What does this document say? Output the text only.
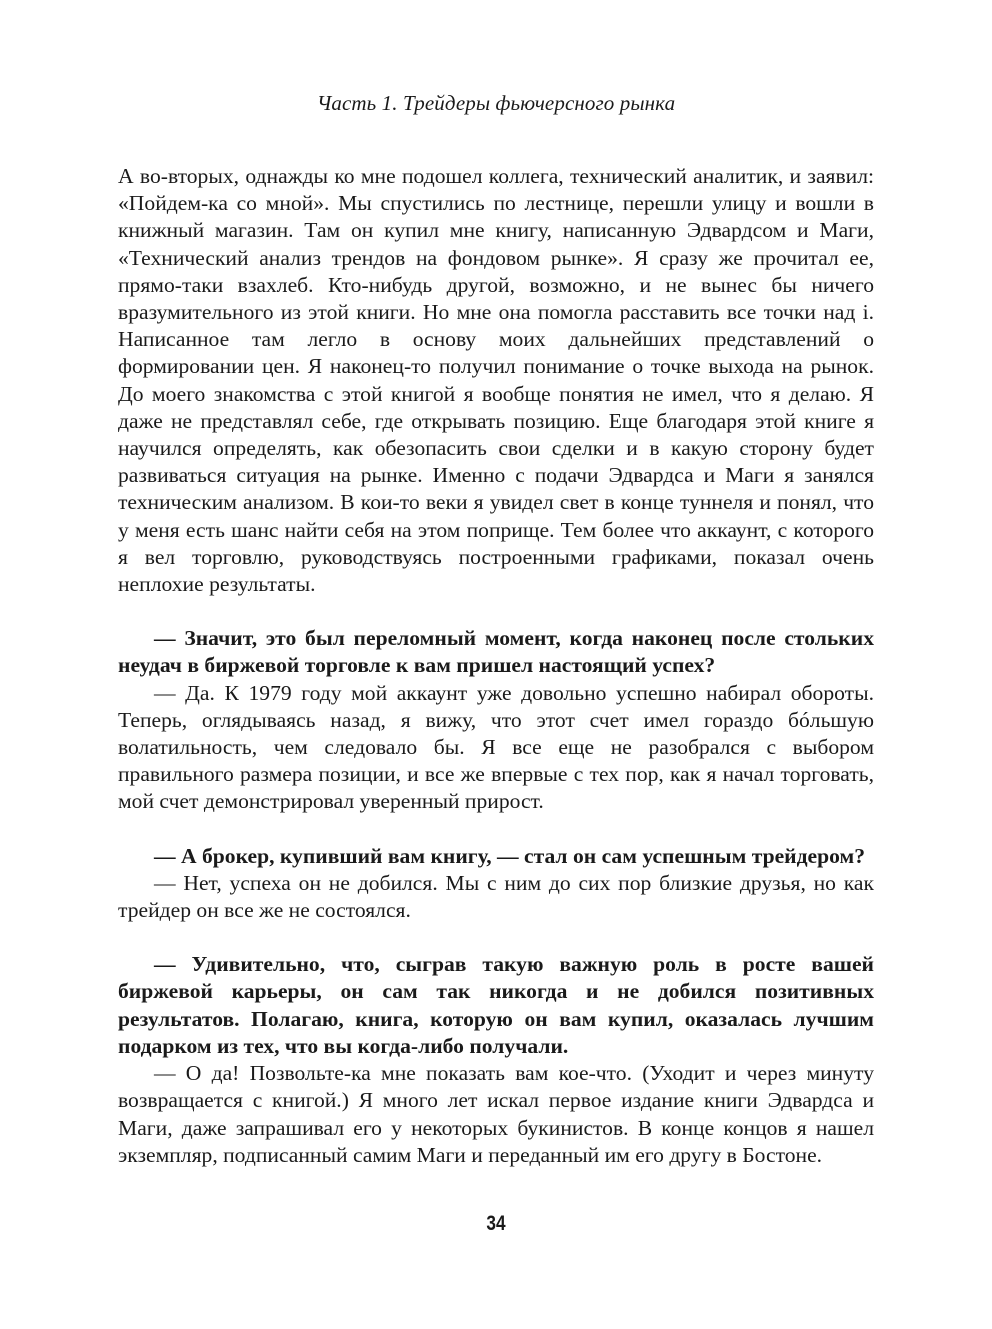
Часть 1. Трейдеры фьючерсного рынка

А во-вторых, однажды ко мне подошел коллега, технический аналитик, и заявил: «Пойдем-ка со мной». Мы спустились по лестнице, перешли улицу и вошли в книжный магазин. Там он купил мне книгу, написанную Эдвардсом и Маги, «Технический анализ трендов на фондовом рынке». Я сразу же прочитал ее, прямо-таки взахлеб. Кто-нибудь другой, возможно, и не вынес бы ничего вразумительного из этой книги. Но мне она помогла расставить все точки над i. Написанное там легло в основу моих дальнейших представлений о формировании цен. Я наконец-то получил понимание о точке выхода на рынок. До моего знакомства с этой книгой я вообще понятия не имел, что я делаю. Я даже не представлял себе, где открывать позицию. Еще благодаря этой книге я научился определять, как обезопасить свои сделки и в какую сторону будет развиваться ситуация на рынке. Именно с подачи Эдвардса и Маги я занялся техническим анализом. В кои-то веки я увидел свет в конце туннеля и понял, что у меня есть шанс найти себя на этом поприще. Тем более что аккаунт, с которого я вел торговлю, руководствуясь построенными графиками, показал очень неплохие результаты.

— Значит, это был переломный момент, когда наконец после стольких неудач в биржевой торговле к вам пришел настоящий успех?

— Да. К 1979 году мой аккаунт уже довольно успешно набирал обороты. Теперь, оглядываясь назад, я вижу, что этот счет имел гораздо бóльшую волатильность, чем следовало бы. Я все еще не разобрался с выбором правильного размера позиции, и все же впервые с тех пор, как я начал торговать, мой счет демонстрировал уверенный прирост.

— А брокер, купивший вам книгу, — стал он сам успешным трейдером?

— Нет, успеха он не добился. Мы с ним до сих пор близкие друзья, но как трейдер он все же не состоялся.

— Удивительно, что, сыграв такую важную роль в росте вашей биржевой карьеры, он сам так никогда и не добился позитивных результатов. Полагаю, книга, которую он вам купил, оказалась лучшим подарком из тех, что вы когда-либо получали.

— О да! Позвольте-ка мне показать вам кое-что. (Уходит и через минуту возвращается с книгой.) Я много лет искал первое издание книги Эдвардса и Маги, даже запрашивал его у некоторых букинистов. В конце концов я нашел экземпляр, подписанный самим Маги и переданный им его другу в Бостоне.

34
